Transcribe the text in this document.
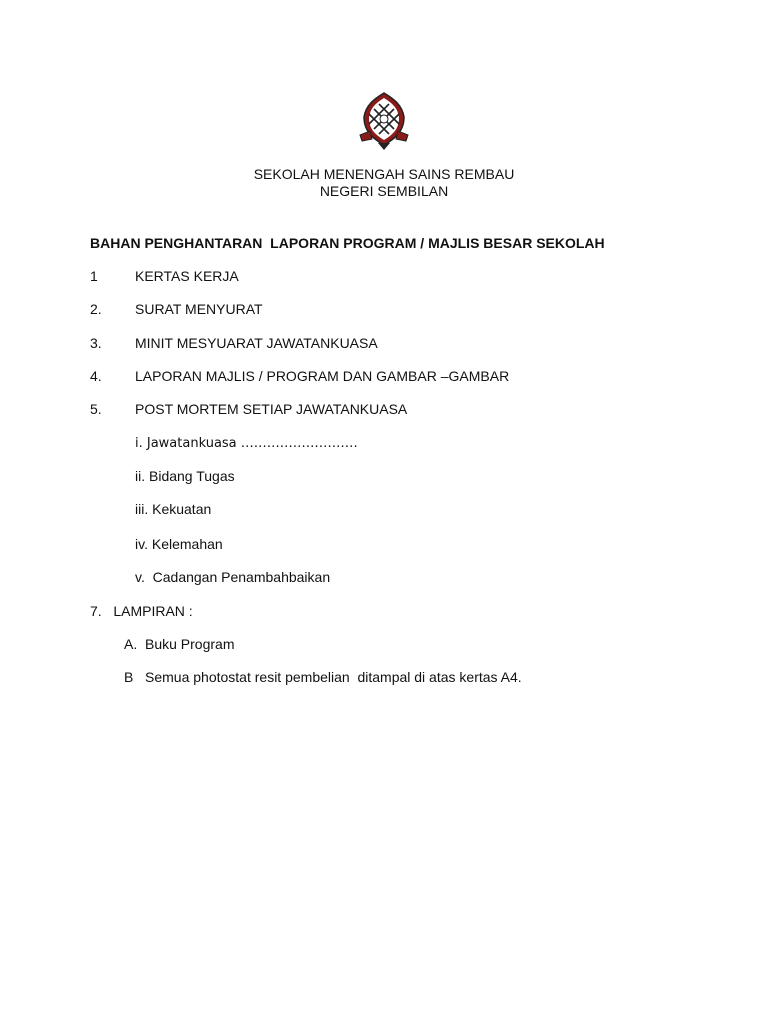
SEKOLAH MENENGAH SAINS REMBAU
NEGERI SEMBILAN
BAHAN PENGHANTARAN  LAPORAN PROGRAM / MAJLIS BESAR SEKOLAH
1	KERTAS KERJA
2. SURAT MENYURAT
3. MINIT MESYUARAT JAWATANKUASA
4. LAPORAN MAJLIS / PROGRAM DAN GAMBAR –GAMBAR
5. POST MORTEM SETIAP JAWATANKUASA
i. Jawatankuasa ………………………
ii. Bidang Tugas
iii. Kekuatan
iv. Kelemahan
v.  Cadangan Penambahbaikan
7.   LAMPIRAN :
A.  Buku Program
B   Semua photostat resit pembelian  ditampal di atas kertas A4.
